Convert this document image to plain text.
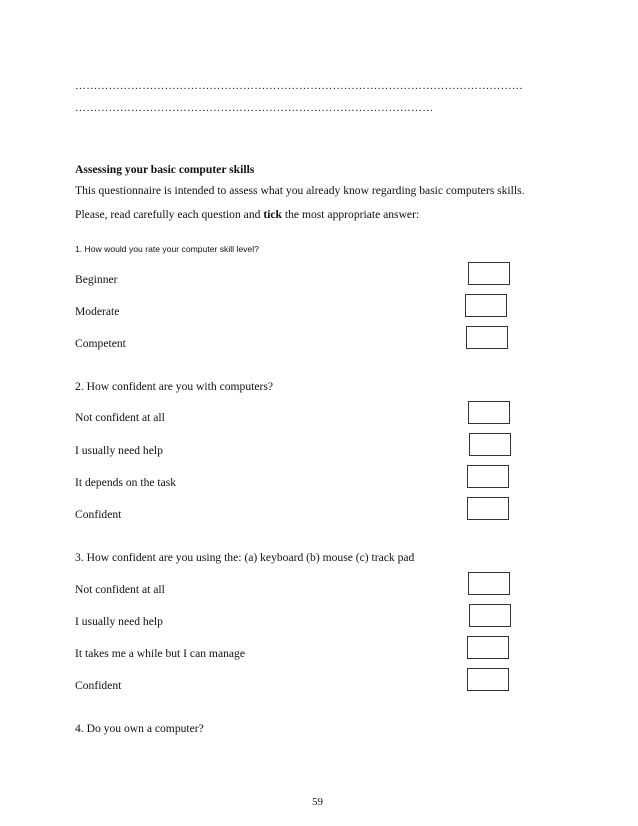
…………………………………………………………………………………………………………
……………………………………………………………………………………
Assessing your basic computer skills
This questionnaire is intended to assess what you already know regarding basic computers skills.
Please, read carefully each question and tick the most appropriate answer:
1. How would you rate your computer skill level?
Beginner
Moderate
Competent
2. How confident are you with computers?
Not confident at all
I usually need help
It depends on the task
Confident
3. How confident are you using the: (a) keyboard (b) mouse (c) track pad
Not confident at all
I usually need help
It takes me a while but I can manage
Confident
4. Do you own a computer?
59
